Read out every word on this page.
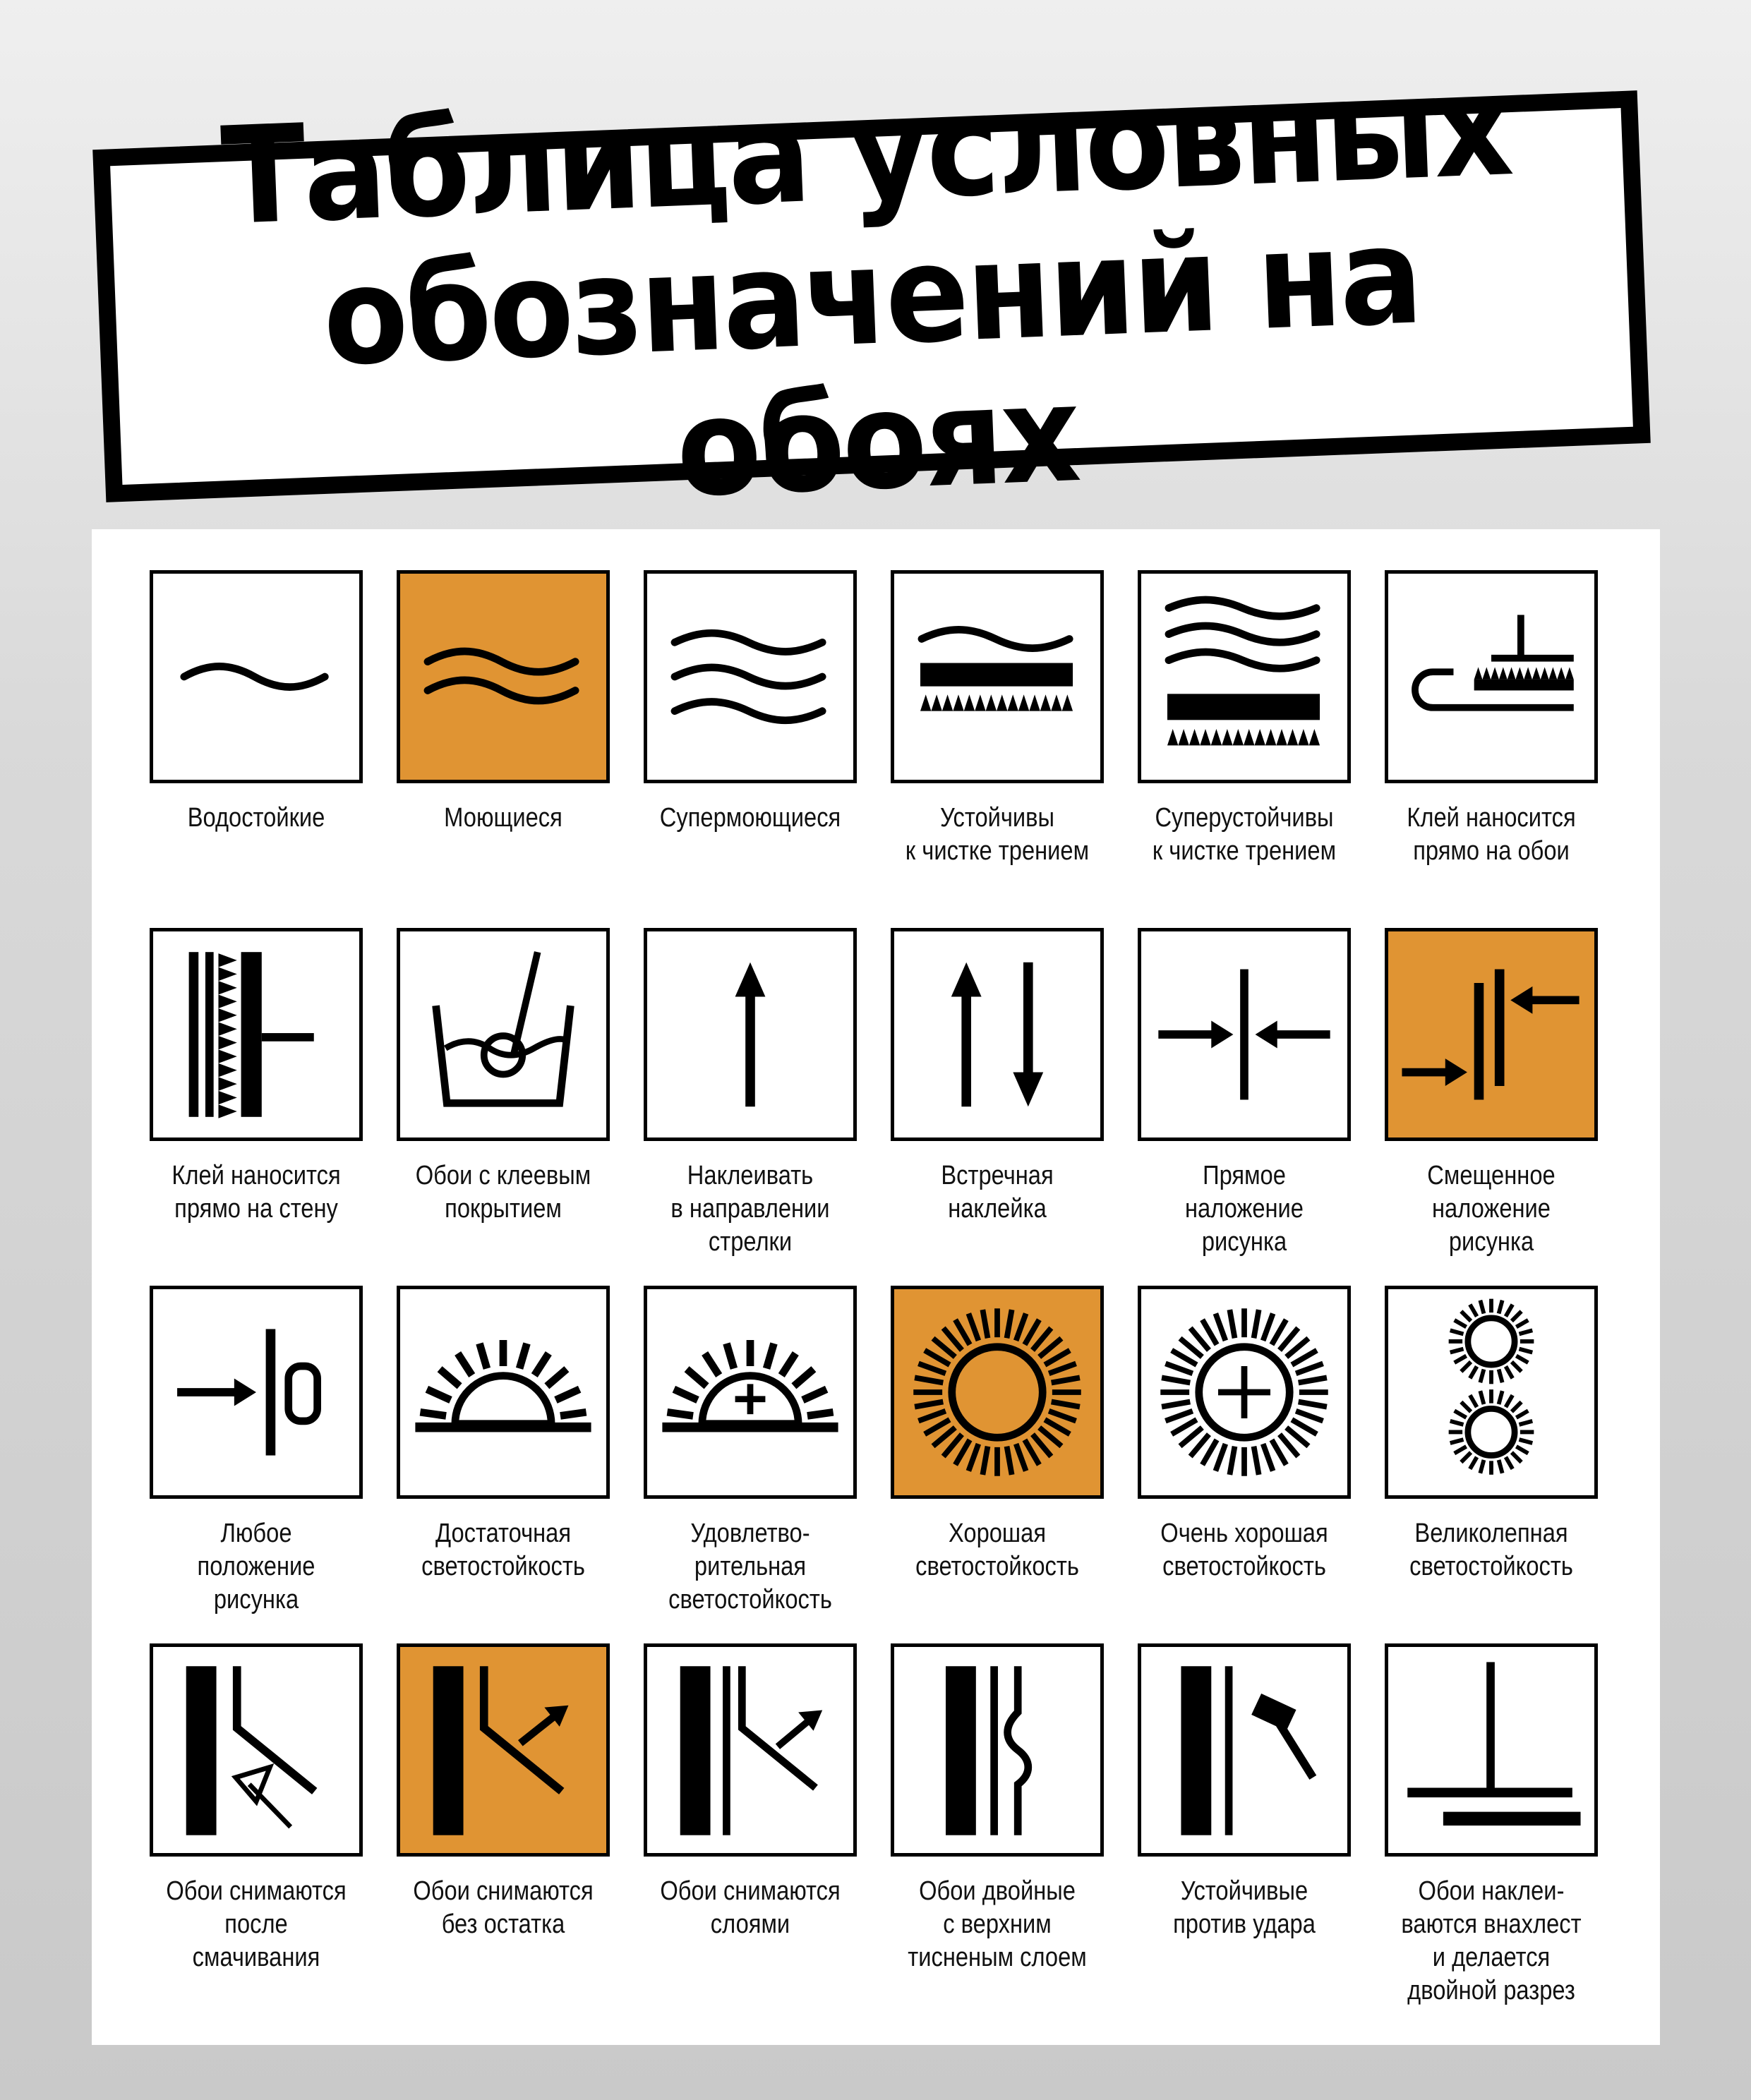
Таблица условных
обозначений на обоях
Водостойкие	Моющиеся	Супермоющиеся	Устойчивы
к чистке трением
Суперустойчивы
к чистке трением
Клей наносится
прямо на обои
Клей наносится
прямо на стену
Обои с клеевым
покрытием
Наклеивать
в направлении
стрелки
Встречная
наклейка
Прямое
наложение
рисунка
Смещенное
наложение
рисунка
Любое
положение
рисунка
Достаточная
светостойкость
Удовлетво-
рительная
светостойкость
Хорошая
светостойкость
Очень хорошая
светостойкость
Великолепная
светостойкость
Обои снимаются
после
смачивания
Обои снимаются
без остатка
Обои снимаются
слоями
Обои двойные
с верхним
тисненым слоем
Устойчивые
против удара
Обои наклеи-
ваются внахлест
и делается
двойной разрез
